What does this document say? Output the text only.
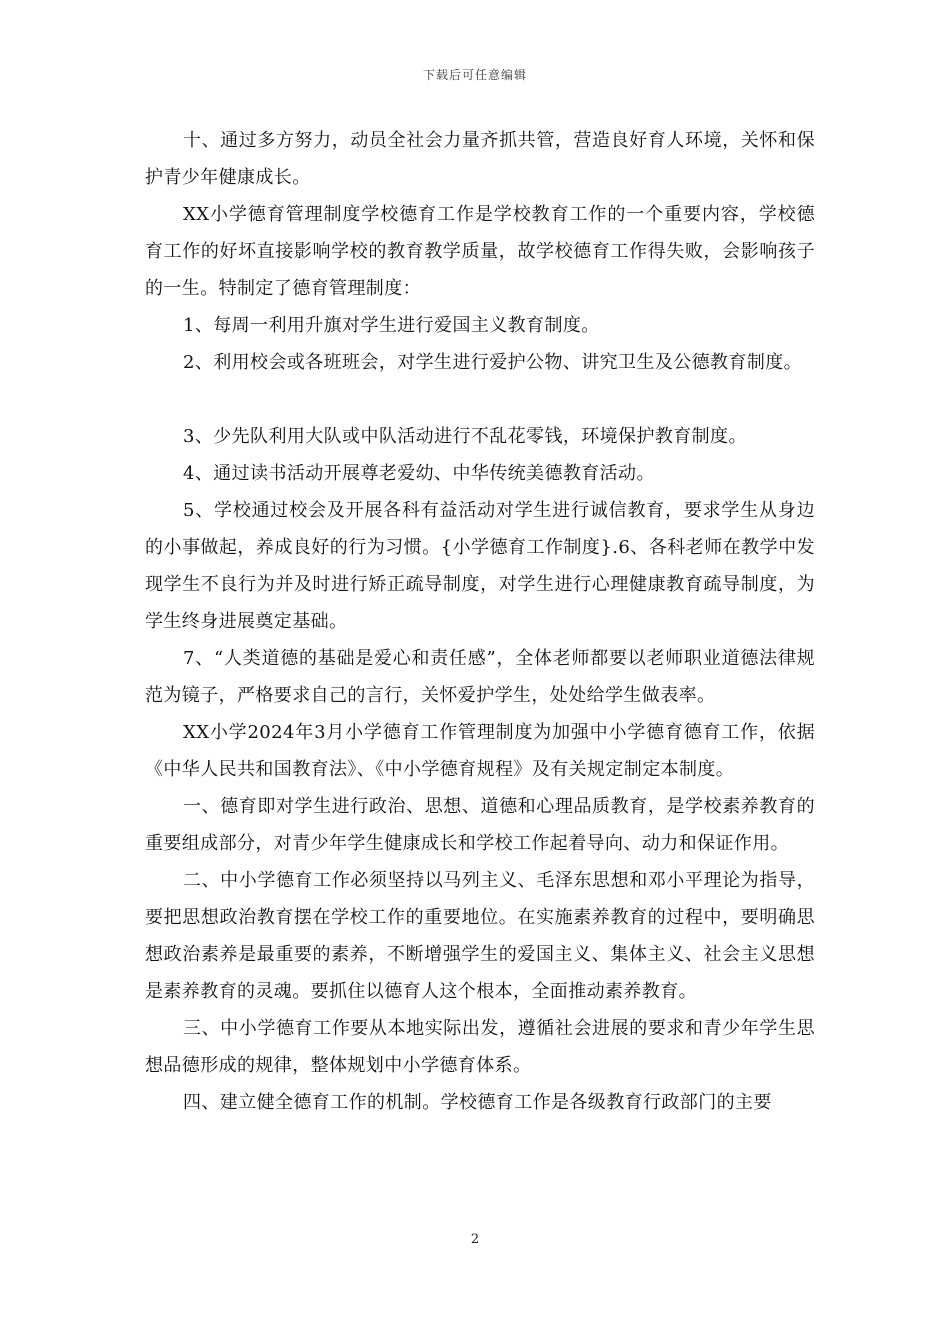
下载后可任意编辑

十、通过多方努力，动员全社会力量齐抓共管，营造良好育人环境，关怀和保护青少年健康成长。

XX小学德育管理制度学校德育工作是学校教育工作的一个重要内容，学校德育工作的好坏直接影响学校的教育教学质量，故学校德育工作得失败，会影响孩子的一生。特制定了德育管理制度：

1、每周一利用升旗对学生进行爱国主义教育制度。

2、利用校会或各班班会，对学生进行爱护公物、讲究卫生及公德教育制度。

3、少先队利用大队或中队活动进行不乱花零钱，环境保护教育制度。

4、通过读书活动开展尊老爱幼、中华传统美德教育活动。

5、学校通过校会及开展各科有益活动对学生进行诚信教育，要求学生从身边的小事做起，养成良好的行为习惯。{小学德育工作制度}.6、各科老师在教学中发现学生不良行为并及时进行矫正疏导制度，对学生进行心理健康教育疏导制度，为学生终身进展奠定基础。

7、“人类道德的基础是爱心和责任感”，全体老师都要以老师职业道德法律规范为镜子，严格要求自己的言行，关怀爱护学生，处处给学生做表率。

XX小学2024年3月小学德育工作管理制度为加强中小学德育德育工作，依据《中华人民共和国教育法》、《中小学德育规程》及有关规定制定本制度。

一、德育即对学生进行政治、思想、道德和心理品质教育，是学校素养教育的重要组成部分，对青少年学生健康成长和学校工作起着导向、动力和保证作用。

二、中小学德育工作必须坚持以马列主义、毛泽东思想和邓小平理论为指导，要把思想政治教育摆在学校工作的重要地位。在实施素养教育的过程中，要明确思想政治素养是最重要的素养，不断增强学生的爱国主义、集体主义、社会主义思想是素养教育的灵魂。要抓住以德育人这个根本，全面推动素养教育。

三、中小学德育工作要从本地实际出发，遵循社会进展的要求和青少年学生思想品德形成的规律，整体规划中小学德育体系。

四、建立健全德育工作的机制。学校德育工作是各级教育行政部门的主要

2
